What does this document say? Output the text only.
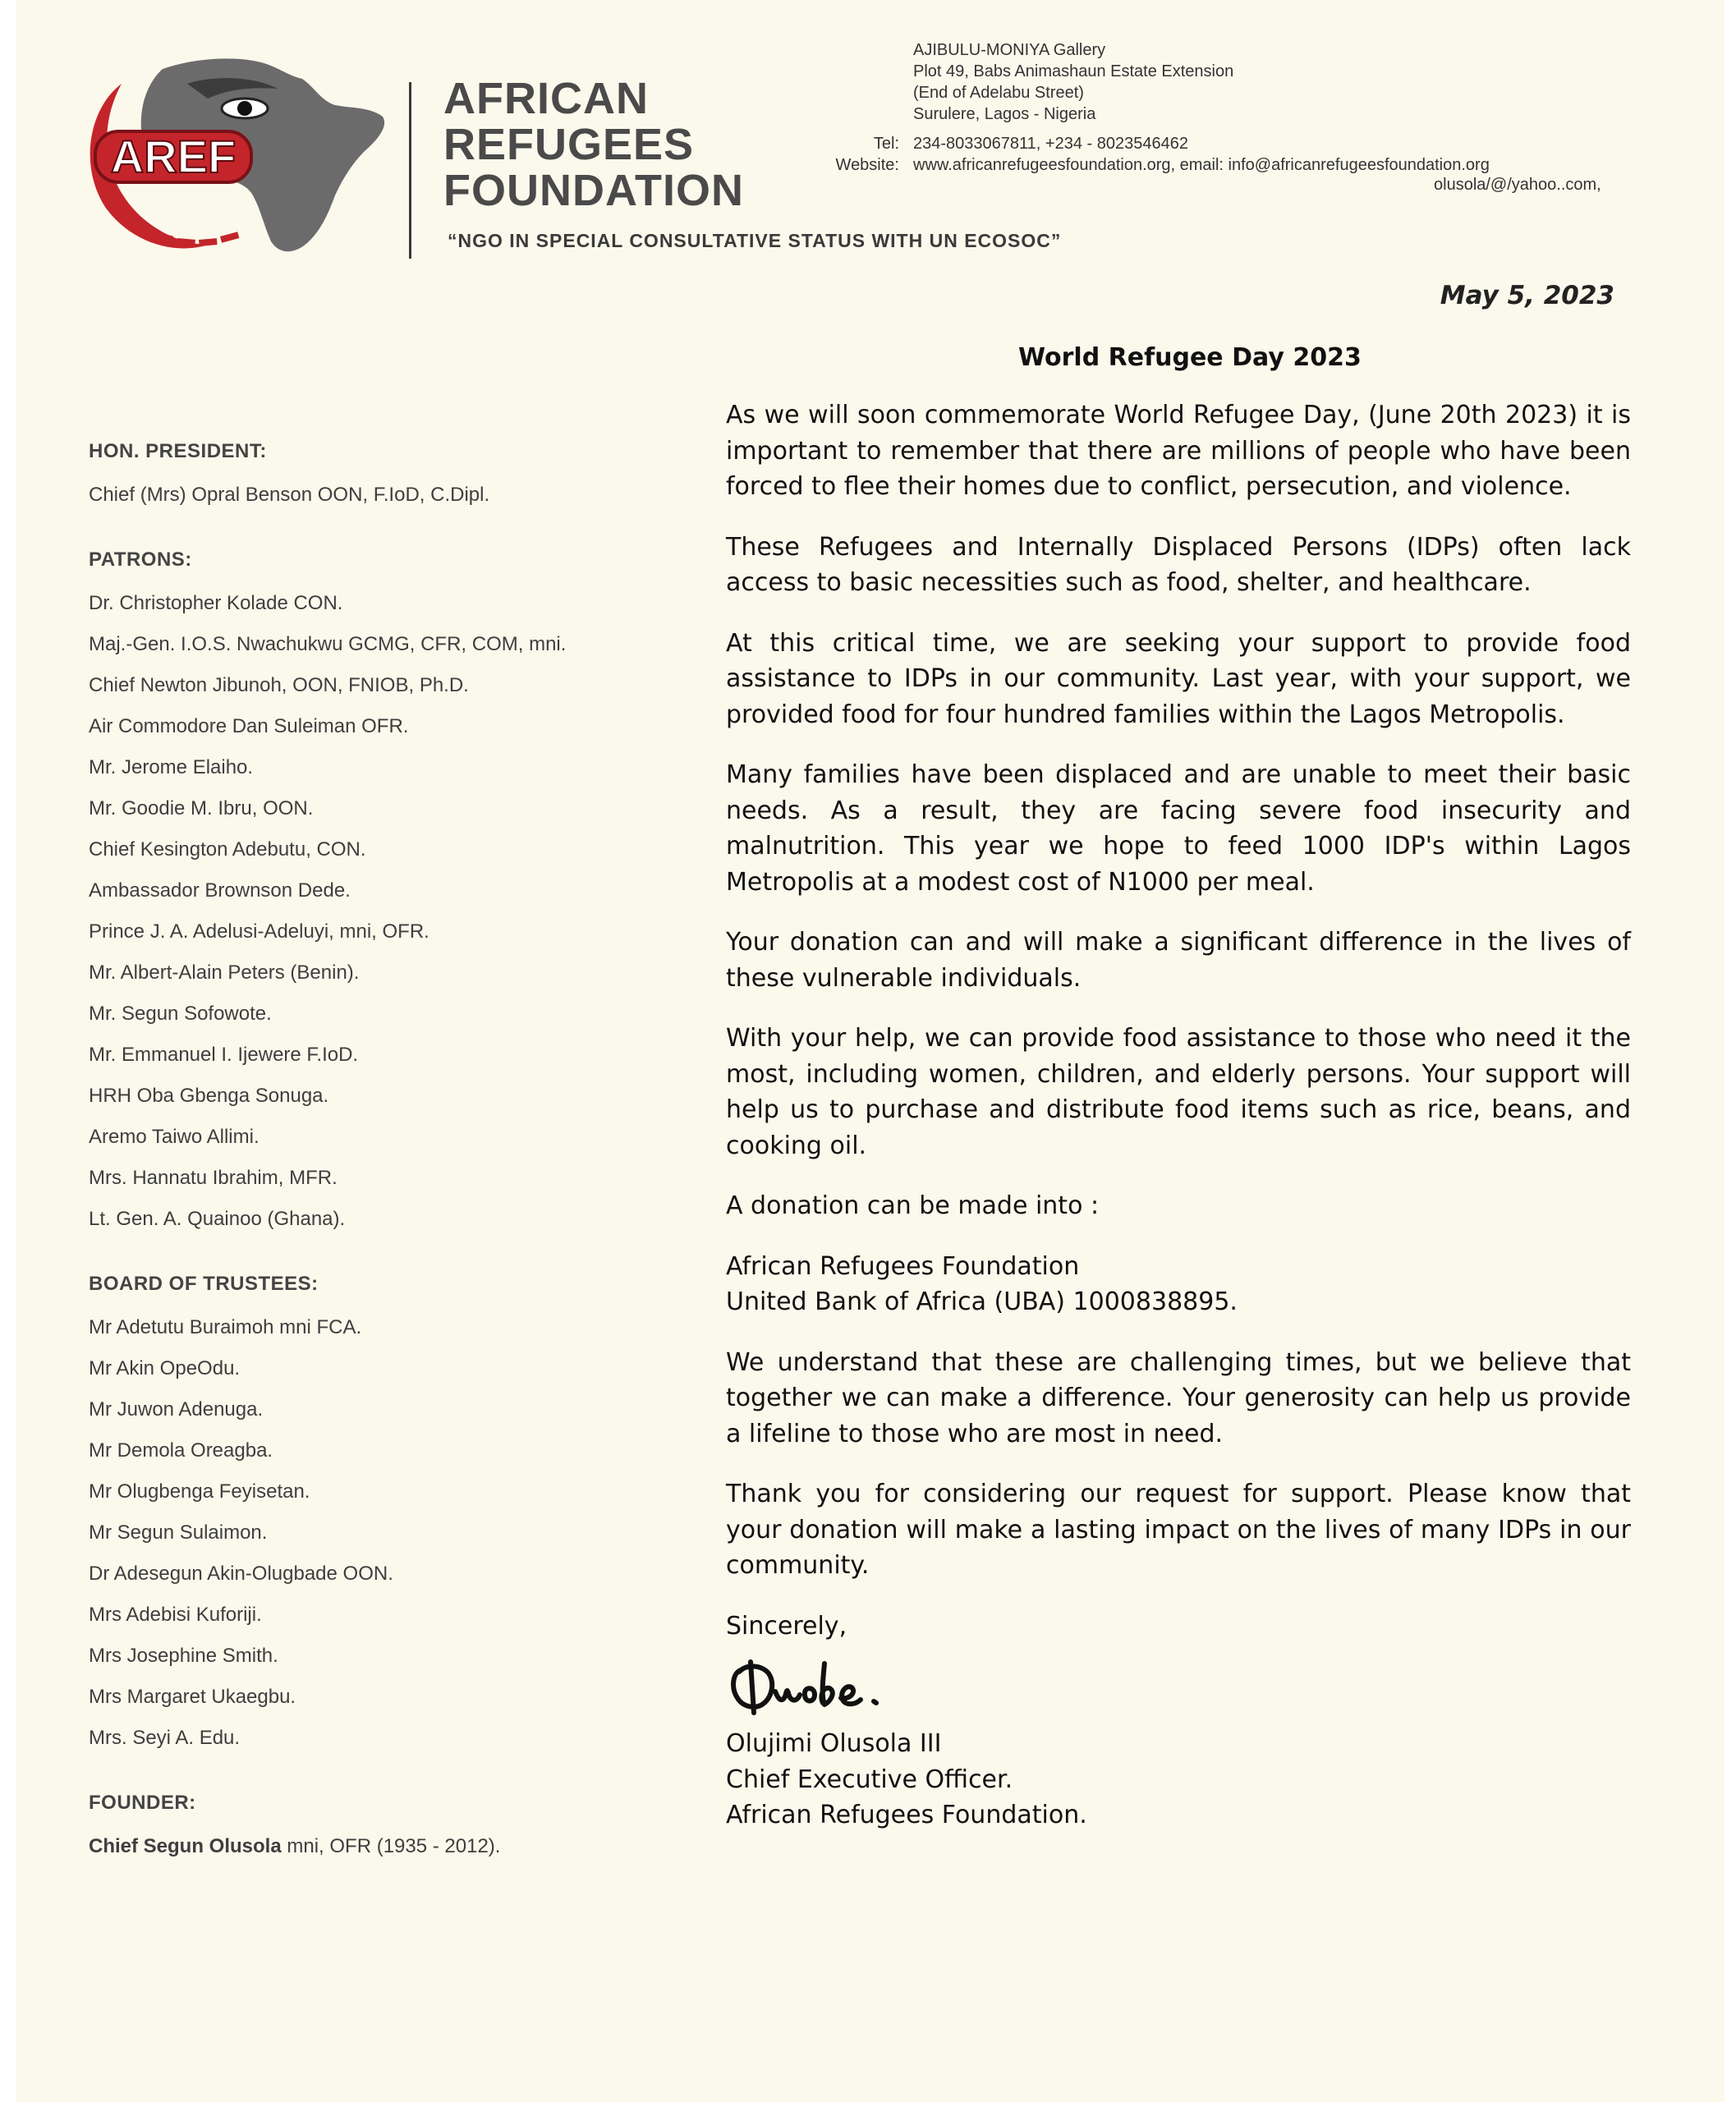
AREF
AFRICAN
REFUGEES
FOUNDATION
“NGO IN SPECIAL CONSULTATIVE STATUS WITH UN ECOSOC”
AJIBULU-MONIYA Gallery
Plot 49, Babs Animashaun Estate Extension
(End of Adelabu Street)
Surulere, Lagos - Nigeria
Tel: 234-8033067811, +234 - 8023546462
Website: www.africanrefugeesfoundation.org, email: info@africanrefugeesfoundation.org
olusola/@/yahoo..com,
May 5, 2023
World Refugee Day 2023
HON. PRESIDENT:
Chief (Mrs) Opral Benson OON, F.IoD, C.Dipl.
PATRONS:
Dr. Christopher Kolade CON.
Maj.-Gen. I.O.S. Nwachukwu GCMG, CFR, COM, mni.
Chief Newton Jibunoh, OON, FNIOB, Ph.D.
Air Commodore Dan Suleiman OFR.
Mr. Jerome Elaiho.
Mr. Goodie M. Ibru, OON.
Chief Kesington Adebutu, CON.
Ambassador Brownson Dede.
Prince J. A. Adelusi-Adeluyi, mni, OFR.
Mr. Albert-Alain Peters (Benin).
Mr. Segun Sofowote.
Mr. Emmanuel I. Ijewere F.IoD.
HRH Oba Gbenga Sonuga.
Aremo Taiwo Allimi.
Mrs. Hannatu Ibrahim, MFR.
Lt. Gen. A. Quainoo (Ghana).
BOARD OF TRUSTEES:
Mr Adetutu Buraimoh mni FCA.
Mr Akin OpeOdu.
Mr Juwon Adenuga.
Mr Demola Oreagba.
Mr Olugbenga Feyisetan.
Mr Segun Sulaimon.
Dr Adesegun Akin-Olugbade OON.
Mrs Adebisi Kuforiji.
Mrs Josephine Smith.
Mrs Margaret Ukaegbu.
Mrs. Seyi A. Edu.
FOUNDER:
Chief Segun Olusola mni, OFR (1935 - 2012).

As we will soon commemorate World Refugee Day, (June 20th 2023) it is important to remember that there are millions of people who have been forced to flee their homes due to conflict, persecution, and violence.

These Refugees and Internally Displaced Persons (IDPs) often lack access to basic necessities such as food, shelter, and healthcare.

At this critical time, we are seeking your support to provide food assistance to IDPs in our community. Last year, with your support, we provided food for four hundred families within the Lagos Metropolis.

Many families have been displaced and are unable to meet their basic needs. As a result, they are facing severe food insecurity and malnutrition. This year we hope to feed 1000 IDP's within Lagos Metropolis at a modest cost of N1000 per meal.

Your donation can and will make a significant difference in the lives of these vulnerable individuals.

With your help, we can provide food assistance to those who need it the most, including women, children, and elderly persons. Your support will help us to purchase and distribute food items such as rice, beans, and cooking oil.

A donation can be made into :

African Refugees Foundation

United Bank of Africa (UBA) 1000838895.

We understand that these are challenging times, but we believe that together we can make a difference. Your generosity can help us provide a lifeline to those who are most in need.

Thank you for considering our request for support. Please know that your donation will make a lasting impact on the lives of many IDPs in our community.

Sincerely,

Olujimi Olusola III
Chief Executive Officer.
African Refugees Foundation.
